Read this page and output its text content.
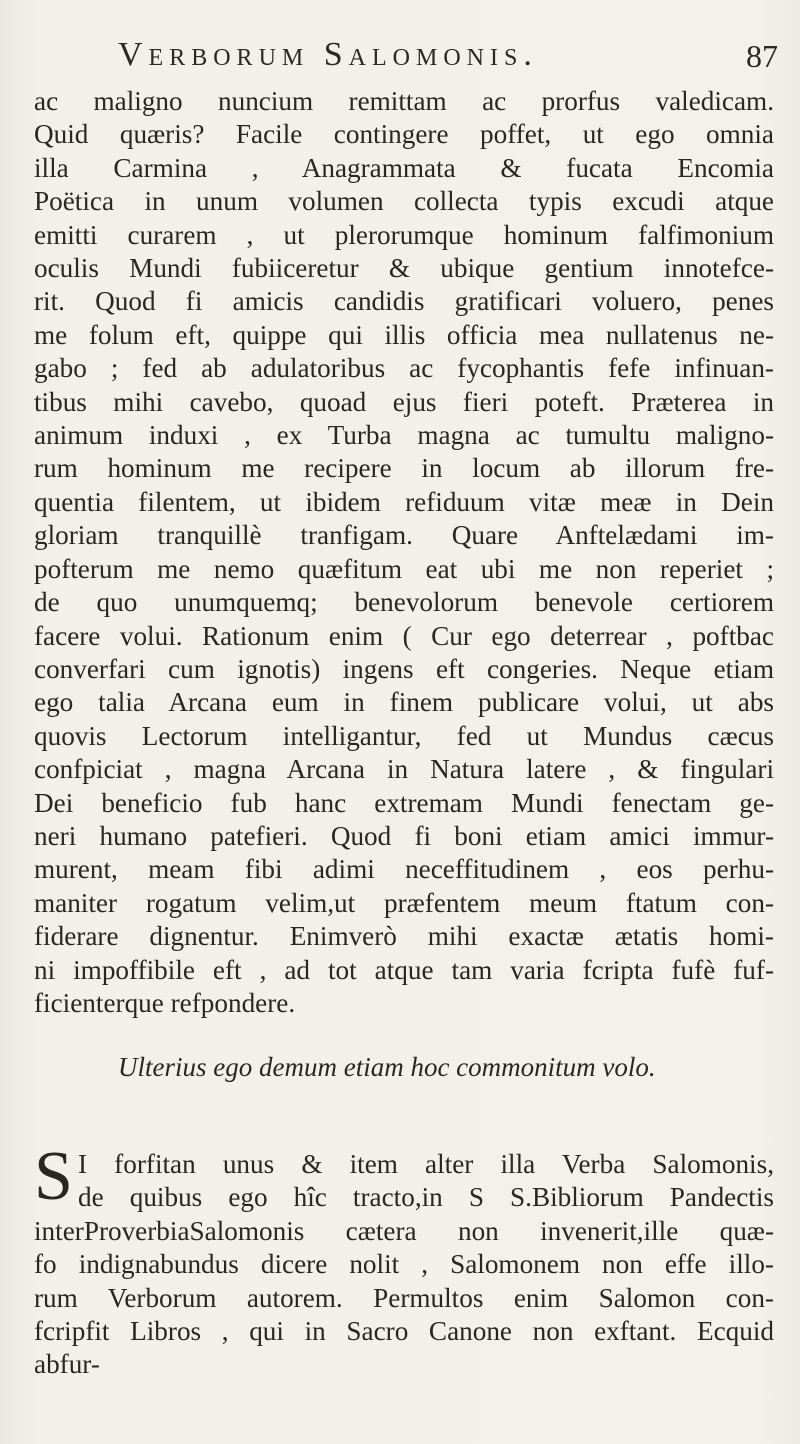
Verborum Salomonis.	87
ac maligno nuncium remittam ac prorfus valedicam.
Quid quæris? Facile contingere poffet, ut ego omnia
illa Carmina , Anagrammata & fucata Encomia
Poëtica in unum volumen collecta typis excudi atque
emitti curarem , ut plerorumque hominum falfimonium
oculis Mundi fubiiceretur & ubique gentium innotefce-
rit. Quod fi amicis candidis gratificari voluero, penes
me folum eft, quippe qui illis officia mea nullatenus ne-
gabo ; fed ab adulatoribus ac fycophantis fefe infinuan-
tibus mihi cavebo, quoad ejus fieri poteft. Præterea in
animum induxi , ex Turba magna ac tumultu maligno-
rum hominum me recipere in locum ab illorum fre-
quentia filentem, ut ibidem refiduum vitæ meæ in Dein
gloriam tranquillè tranfigam. Quare Anftelædami im-
pofterum me nemo quæfitum eat ubi me non reperiet ;
de quo unumquemq; benevolorum benevole certiorem
facere volui. Rationum enim ( Cur ego deterrear , poftbac
converfari cum ignotis) ingens eft congeries. Neque etiam
ego talia Arcana eum in finem publicare volui, ut abs
quovis Lectorum intelligantur, fed ut Mundus cæcus
confpiciat , magna Arcana in Natura latere , & fingulari
Dei beneficio fub hanc extremam Mundi fenectam ge-
neri humano patefieri. Quod fi boni etiam amici immur-
murent, meam fibi adimi neceffitudinem , eos perhu-
maniter rogatum velim,ut præfentem meum ftatum con-
fiderare dignentur. Enimverò mihi exactæ ætatis homi-
ni impoffibile eft , ad tot atque tam varia fcripta fufè fuf-
ficienterque refpondere.
Ulterius ego demum etiam hoc commonitum volo.
S I forfitan unus & item alter illa Verba Salomonis,
de quibus ego hîc tracto,in S S.Bibliorum Pandectis
interProverbiaSalomonis cætera non invenerit,ille quæ-
fo indignabundus dicere nolit , Salomonem non effe illo-
rum Verborum autorem. Permultos enim Salomon con-
fcripfit Libros , qui in Sacro Canone non exftant. Ecquid
abfur-
